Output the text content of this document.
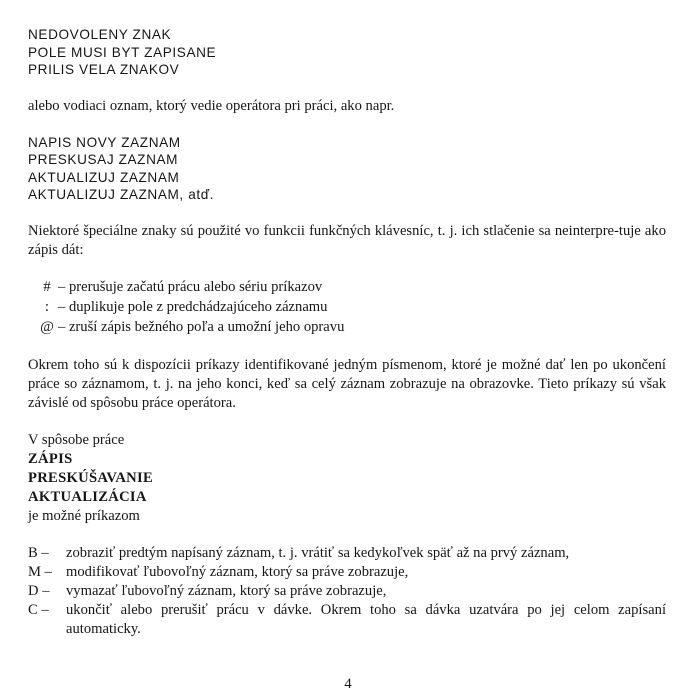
NEDOVOLENY ZNAK
POLE MUSI BYT ZAPISANE
PRILIS VELA ZNAKOV
alebo vodiaci oznam, ktorý vedie operátora pri práci, ako napr.
NAPIS NOVY ZAZNAM
PRESKUSAJ ZAZNAM
AKTUALIZUJ ZAZNAM
AKTUALIZUJ ZAZNAM, atď.
Niektoré špeciálne znaky sú použité vo funkcii funkčných klávesníc, t. j. ich stlačenie sa neinterpre-tuje ako zápis dát:
# – prerušuje začatú prácu alebo sériu príkazov
: – duplikuje pole z predchádzajúceho záznamu
@ – zruší zápis bežného poľa a umožní jeho opravu
Okrem toho sú k dispozícii príkazy identifikované jedným písmenom, ktoré je možné dať len po ukončení práce so záznamom, t. j. na jeho konci, keď sa celý záznam zobrazuje na obrazovke. Tieto príkazy sú však závislé od spôsobu práce operátora.
V spôsobe práce
ZÁPIS
PRESKÚŠAVANIE
AKTUALIZÁCIA
je možné príkazom
B –	zobraziť predtým napísaný záznam, t. j. vrátiť sa kedykoľvek späť až na prvý záznam,
M – modifikovať ľubovoľný záznam, ktorý sa práve zobrazuje,
D –	vymazať ľubovoľný záznam, ktorý sa práve zobrazuje,
C –	ukončiť alebo prerušiť prácu v dávke. Okrem toho sa dávka uzatvára po jej celom zapísaní automaticky.
4
